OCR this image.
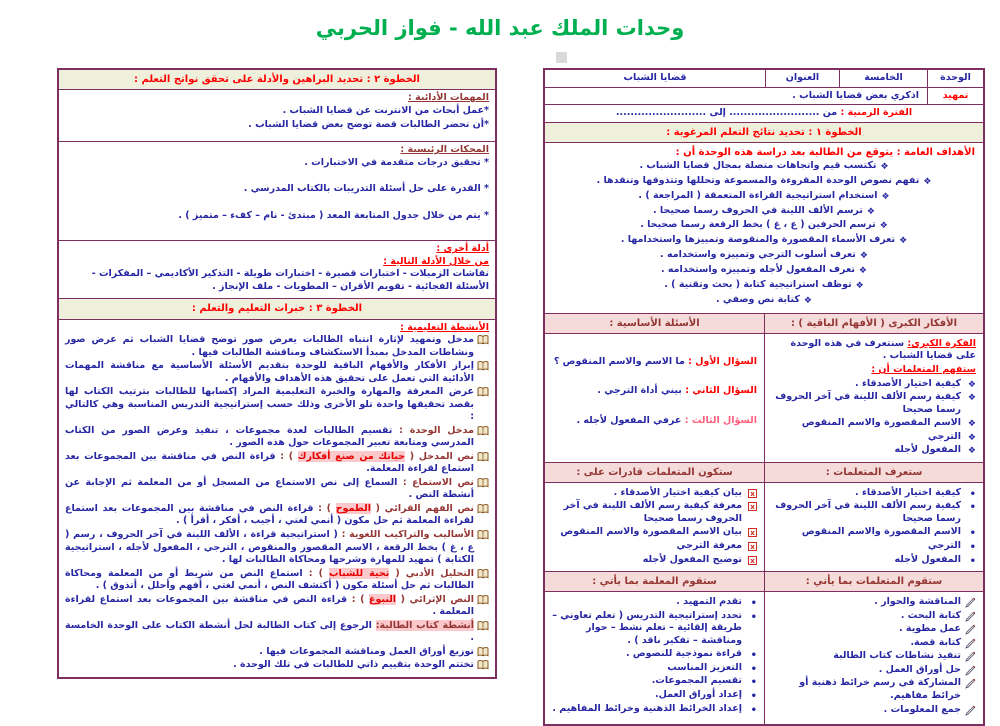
وحدات الملك عبد الله - فواز الحربي
الوحدة
الخامسة
العنوان
قضايا الشباب
تمهيد
اذكري بعض قضايا الشباب .
الفترة الزمنية : من ......................... إلى .........................
الخطوة ١ : تحديد نتائج التعلم المرغوبة :
الأهداف العامة : يتوقع من الطالبة بعد دراسة هذه الوحدة أن :
❖تكتسب قيم واتجاهات متصلة بمجال قضايا الشباب .
❖تفهم نصوص الوحدة المقروءة والمسموعة وتحللها وتتذوقها وتنقدها .
❖استخدام استراتيجية القراءة المتعمقة ( المراجعة ) .
❖ترسم الألف اللينة في الحروف رسما صحيحا .
❖ترسم الحرفين ( ع ، غ ) بخط الرقعة رسما صحيحا .
❖تعرف الأسماء المقصورة والمنقوصة وتمييزها واستخدامها .
❖تعرف أسلوب الترجي وتمييزه واستخدامه .
❖تعرف المفعول لأجله وتمييزه واستخدامه .
❖توظف استراتيجية كتابة ( بحث وتقنية ) .
❖كتابة نص وصفي .
الأفكار الكبرى ( الأفهام الباقية ) :
الأسئلة الأساسية :

الفكرة الكبرى: سنتعرف في هذه الوحدة على قضايا الشباب .

ستفهم المتعلمات أن :

❖
كيفية اختيار الأصدقاء .
❖
كيفية رسم الألف اللينة في آخر الحروف رسما صحيحا
❖
الاسم المقصورة والاسم المنقوص
❖
الترجي
❖
المفعول لأجله
السؤال الأول : ما الاسم والاسم المنقوص ؟
السؤال الثاني : بيني أداة الترجي .
السؤال الثالث : عرفي المفعول لأجله .
ستعرف المتعلمات :
ستكون المتعلمات قادرات على :
•
كيفية اختيار الأصدقاء .
•
كيفية رسم الألف اللينة في آخر الحروف رسما صحيحا
•
الاسم المقصورة والاسم المنقوص
•
الترجي
•
المفعول لأجله
x
بيان كيفية اختيار الأصدقاء .
x
معرفة كيفية رسم الألف اللينة في آخر الحروف رسما صحيحا
x
بيان الاسم المقصورة والاسم المنقوص
x
معرفة الترجي
x
توضيح المفعول لأجله
ستقوم المتعلمات بما يأتي :
ستقوم المعلمة بما يأتي :
المناقشة والحوار .
كتابة البحث .
عمل مطوية .
كتابة قصة.
تنفيذ نشاطات كتاب الطالبة
حل أوراق العمل .
المشاركة في رسم خرائط ذهنية أو خرائط مفاهيم.
جمع المعلومات .
•
تقدم التمهيد .
•
تحدد إستراتيجية التدريس ( تعلم تعاوني – طريقة إلقائية – تعلم نشط – حوار ومناقشة – تفكير ناقد ) .
•
قراءة نموذجية للنصوص .
•
التعزيز المناسب
•
تقسيم المجموعات.
•
إعداد أوراق العمل.
•
إعداد الخرائط الذهنية وخرائط المفاهيم .
الخطوة ٢ : تحديد البراهين والأدلة على تحقق نواتج التعلم :
المهمات الأدائية :
*عمل أبحاث من الانترنت عن قضايا الشباب .
*أن تحضر الطالبات قصة توضح بعض قضايا الشباب .
المحكات الرئيسية :
* تحقيق درجات متقدمة في الاختبارات .
* القدرة على حل أسئلة التدريبات بالكتاب المدرسي .
* يتم من خلال جدول المتابعة المعد ( مبتدئ - نام – كفء – متميز ) .
أدلة أخرى :
من خلال الأدلة التالية :
نقاشات الزميلات - اختبارات قصيرة - اختبارات طويلة - التذكير الأكاديمي – المفكرات - الأسئلة الفجائية - تقويم الأقران – المطويات - ملف الإنجاز .
الخطوة ٣ : خبرات التعليم والتعلم :
الأنشطة التعليمية :
مدخل وتمهيد لإثارة انتباه الطالبات يعرض صور توضح قضايا الشباب ثم عرض صور ونشاطات المدخل بمبدأ الاستكشاف ومناقشة الطالبات فيها .
إبراز الأفكار والأفهام الباقية للوحدة بتقديم الأسئلة الأساسية مع مناقشة المهمات الأدائية التي تعمل على تحقيق هذه الأهداف والأفهام .
عرض المعرفة والمهارة والخبرة التعليمية المراد إكسابها للطالبات بترتيب الكتاب لها بقصد تحقيقها واحدة تلو الأخرى وذلك حسب إستراتيجية التدريس المناسبة وهي كالتالي :
مدخل الوحدة : تقسيم الطالبات لعدة مجموعات ، تنفيذ وعرض الصور من الكتاب المدرسي ومتابعة تعبير المجموعات حول هذه الصور .
نص المدخل ( حياتك من صنع أفكارك ) : قراءة النص في مناقشة بين المجموعات بعد استماع لقراءة المعلمة.
نص الاستماع : السماع إلى نص الاستماع من المسجل أو من المعلمة ثم الإجابة عن أنشطة النص .
نص الفهم القرائي ( الطموح ) : قراءة النص في مناقشة بين المجموعات بعد استماع لقراءة المعلمة ثم حل مكون ( أنمي لغتي ، أجيب ، أفكر ، أقرأ ) .
الأساليب والتراكيب اللغوية : ( استراتيجية قراءة ، الألف اللينة في آخر الحروف ، رسم ( ع ، غ ) بخط الرقعة ، الاسم المقصور والمنقوص ، الترجي ، المفعول لأجله ، استراتيجية الكتابة ) تمهيد للمهارة وشرحها ومحاكاة الطالبات لها .
التحليل الأدبي ( تحية للشباب ) : استماع النص من شريط أو من المعلمة ومحاكاة الطالبات ثم حل أسئلة مكون ( أكتشف النص ، أنمي لغتي ، أفهم وأحلل ، أتذوق ) .
النص الإثرائي ( النبوغ ) : قراءة النص في مناقشة بين المجموعات بعد استماع لقراءة المعلمة .
أنشطة كتاب الطالبة: الرجوع إلى كتاب الطالبة لحل أنشطة الكتاب على الوحدة الخامسة .
توزيع أوراق العمل ومناقشة المجموعات فيها .
تختتم الوحدة بتقييم ذاتي للطالبات في تلك الوحدة .
